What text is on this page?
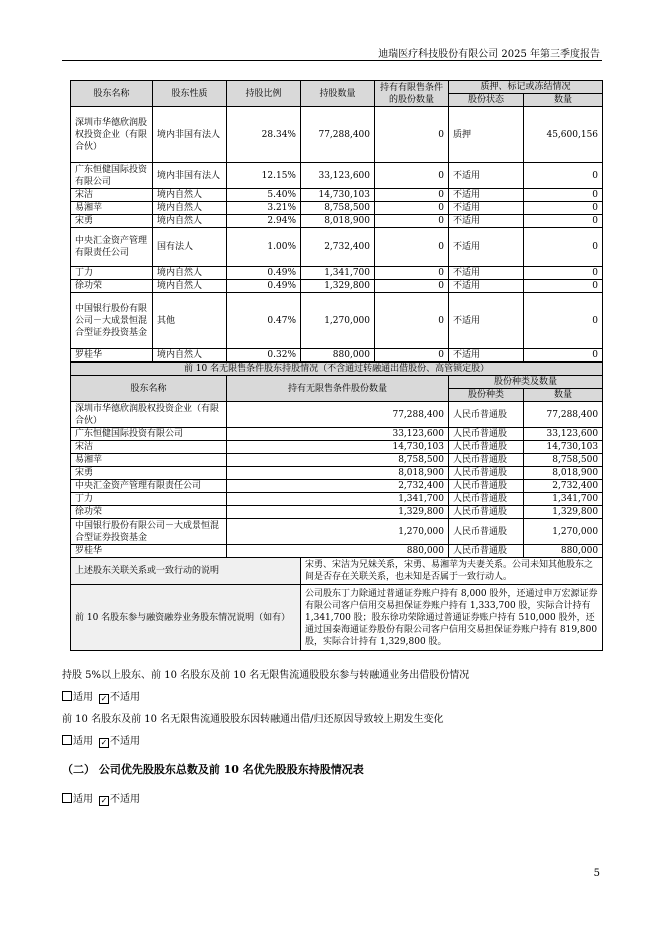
迪瑞医疗科技股份有限公司 2025 年第三季度报告
股东名称	股东性质	持股比例	持股数量	持有有限售条件的股份数量	质押、标记或冻结情况	
					股份状态	数量
深圳市华德欣润股权投资企业（有限合伙）	境内非国有法人	28.34%	77,288,400	0	质押	45,600,156
广东恒健国际投资有限公司	境内非国有法人	12.15%	33,123,600	0	不适用	0
宋洁	境内自然人	5.40%	14,730,103	0	不适用	0
易湘苹	境内自然人	3.21%	8,758,500	0	不适用	0
宋勇	境内自然人	2.94%	8,018,900	0	不适用	0
中央汇金资产管理有限责任公司	国有法人	1.00%	2,732,400	0	不适用	0
丁力	境内自然人	0.49%	1,341,700	0	不适用	0
徐功荣	境内自然人	0.49%	1,329,800	0	不适用	0
中国银行股份有限公司－大成景恒混合型证券投资基金	其他	0.47%	1,270,000	0	不适用	0
罗桂华	境内自然人	0.32%	880,000	0	不适用	0
前 10 名无限售条件股东持股情况（不含通过转融通出借股份、高管锁定股）				
股东名称	持有无限售条件股份数量		股份种类及数量	
			股份种类	数量
深圳市华德欣润股权投资企业（有限合伙）	77,288,400		人民币普通股	77,288,400
广东恒健国际投资有限公司	33,123,600		人民币普通股	33,123,600
宋洁	14,730,103		人民币普通股	14,730,103
易湘苹	8,758,500		人民币普通股	8,758,500
宋勇	8,018,900		人民币普通股	8,018,900
中央汇金资产管理有限责任公司	2,732,400		人民币普通股	2,732,400
丁力	1,341,700		人民币普通股	1,341,700
徐功荣	1,329,800		人民币普通股	1,329,800
中国银行股份有限公司－大成景恒混合型证券投资基金	1,270,000		人民币普通股	1,270,000
罗桂华	880,000		人民币普通股	880,000
上述股东关联关系或一致行动的说明		宋勇、宋洁为兄妹关系，宋勇、易湘苹为夫妻关系。公司未知其他股东之间是否存在关联关系，也未知是否属于一致行动人。		
前 10 名股东参与融资融券业务股东情况说明（如有）		公司股东丁力除通过普通证券账户持有 8,000 股外，还通过申万宏源证券有限公司客户信用交易担保证券账户持有 1,333,700 股，实际合计持有 1,341,700 股；股东徐功荣除通过普通证券账户持有 510,000 股外，还通过国泰海通证券股份有限公司客户信用交易担保证券账户持有 819,800 股，实际合计持有 1,329,800 股。		
持股 5%以上股东、前 10 名股东及前 10 名无限售流通股股东参与转融通业务出借股份情况
适用 ✓ 不适用
前 10 名股东及前 10 名无限售流通股股东因转融通出借/归还原因导致较上期发生变化
适用 ✓ 不适用
（二） 公司优先股股东总数及前 10 名优先股股东持股情况表
适用 ✓ 不适用
5
